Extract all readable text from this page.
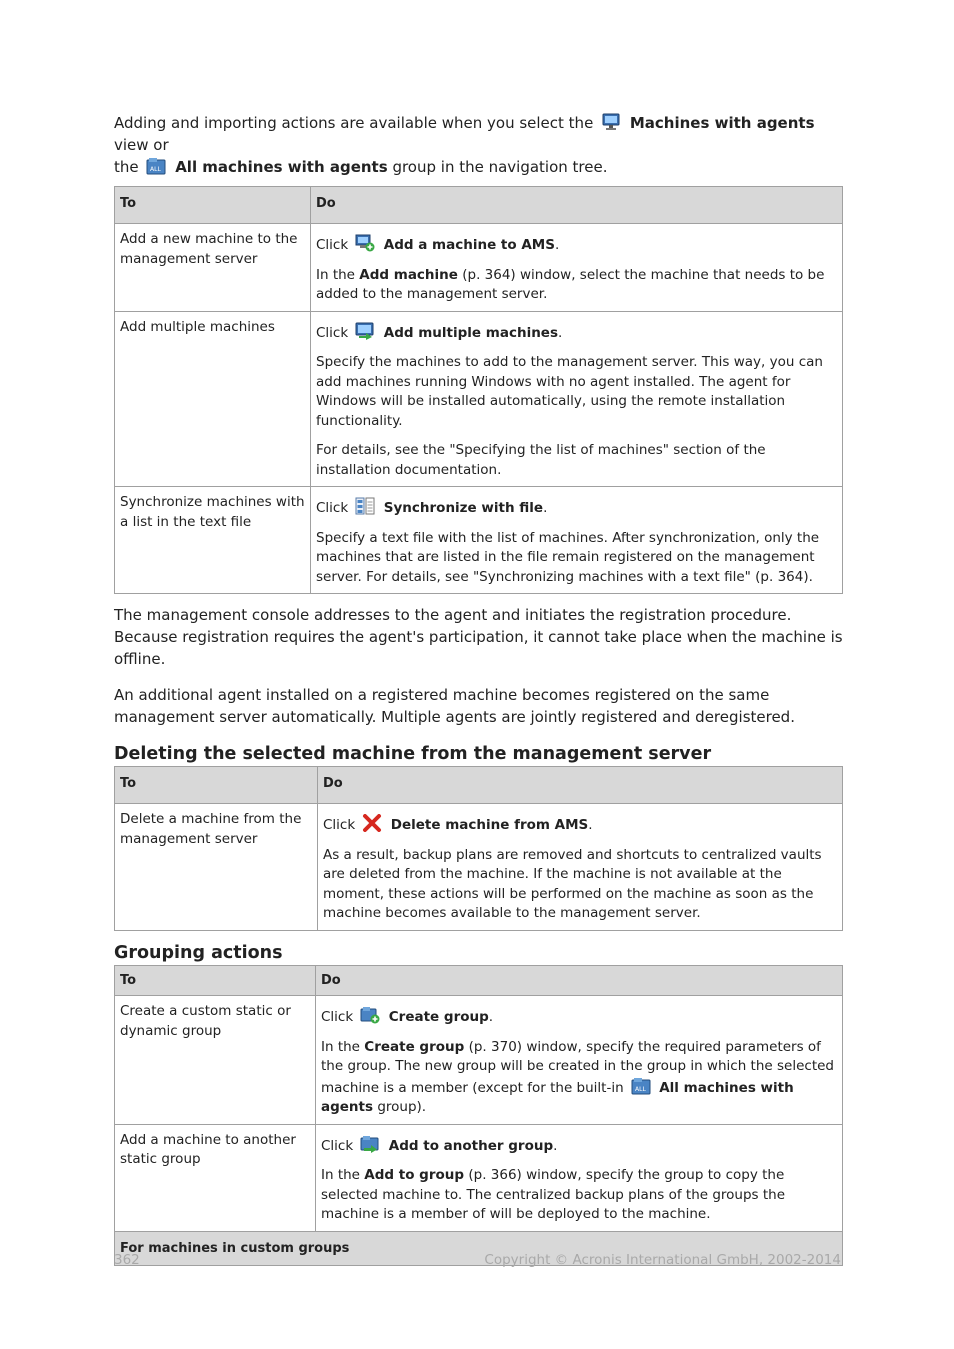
Adding and importing actions are available when you select the Machines with agents view or
the ALL All machines with agents group in the navigation tree.

To	Do

Add a new machine to the management server	Click Add a machine to AMS.

In the Add machine (p. 364) window, select the machine that needs to be added to the management server.

Add multiple machines	Click Add multiple machines.

Specify the machines to add to the management server. This way, you can add machines running Windows with no agent installed. The agent for Windows will be installed automatically, using the remote installation functionality.

For details, see the "Specifying the list of machines" section of the installation documentation.

Synchronize machines with a list in the text file	Click Synchronize with file.

Specify a text file with the list of machines. After synchronization, only the machines that are listed in the file remain registered on the management server. For details, see "Synchronizing machines with a text file" (p. 364).

The management console addresses to the agent and initiates the registration procedure. Because registration requires the agent's participation, it cannot take place when the machine is offline.

An additional agent installed on a registered machine becomes registered on the same management server automatically. Multiple agents are jointly registered and deregistered.

Deleting the selected machine from the management server
To	Do

Delete a machine from the management server	Click Delete machine from AMS.

As a result, backup plans are removed and shortcuts to centralized vaults are deleted from the machine. If the machine is not available at the moment, these actions will be performed on the machine as soon as the machine becomes available to the management server.

Grouping actions
To	Do

Create a custom static or dynamic group	Click Create group.

In the Create group (p. 370) window, specify the required parameters of the group. The new group will be created in the group in which the selected machine is a member (except for the built-in ALL All machines with agents group).

Add a machine to another static group	Click Add to another group.

In the Add to group (p. 366) window, specify the group to copy the selected machine to. The centralized backup plans of the groups the machine is a member of will be deployed to the machine.

For machines in custom groups	
362	Copyright © Acronis International GmbH, 2002-2014
